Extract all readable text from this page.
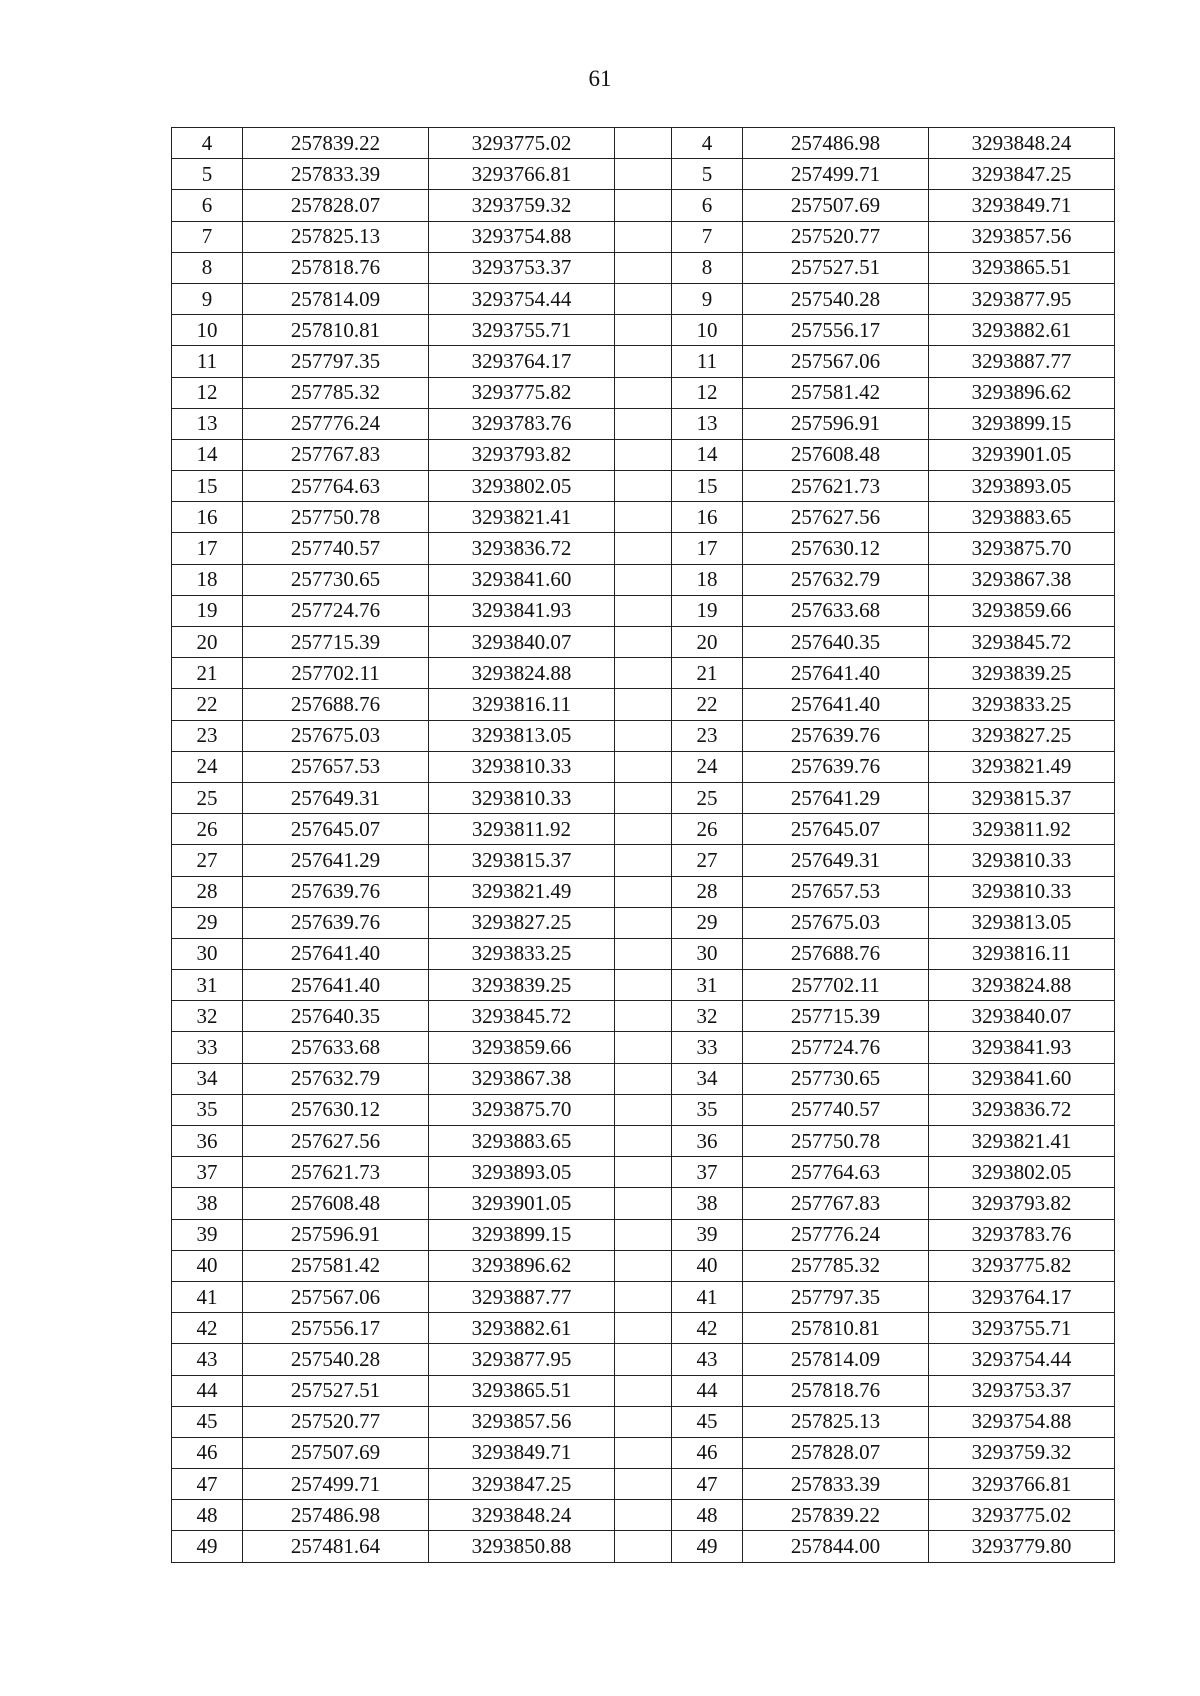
61
4	257839.22	3293775.02		4	257486.98	3293848.24
5	257833.39	3293766.81		5	257499.71	3293847.25
6	257828.07	3293759.32		6	257507.69	3293849.71
7	257825.13	3293754.88		7	257520.77	3293857.56
8	257818.76	3293753.37		8	257527.51	3293865.51
9	257814.09	3293754.44		9	257540.28	3293877.95
10	257810.81	3293755.71		10	257556.17	3293882.61
11	257797.35	3293764.17		11	257567.06	3293887.77
12	257785.32	3293775.82		12	257581.42	3293896.62
13	257776.24	3293783.76		13	257596.91	3293899.15
14	257767.83	3293793.82		14	257608.48	3293901.05
15	257764.63	3293802.05		15	257621.73	3293893.05
16	257750.78	3293821.41		16	257627.56	3293883.65
17	257740.57	3293836.72		17	257630.12	3293875.70
18	257730.65	3293841.60		18	257632.79	3293867.38
19	257724.76	3293841.93		19	257633.68	3293859.66
20	257715.39	3293840.07		20	257640.35	3293845.72
21	257702.11	3293824.88		21	257641.40	3293839.25
22	257688.76	3293816.11		22	257641.40	3293833.25
23	257675.03	3293813.05		23	257639.76	3293827.25
24	257657.53	3293810.33		24	257639.76	3293821.49
25	257649.31	3293810.33		25	257641.29	3293815.37
26	257645.07	3293811.92		26	257645.07	3293811.92
27	257641.29	3293815.37		27	257649.31	3293810.33
28	257639.76	3293821.49		28	257657.53	3293810.33
29	257639.76	3293827.25		29	257675.03	3293813.05
30	257641.40	3293833.25		30	257688.76	3293816.11
31	257641.40	3293839.25		31	257702.11	3293824.88
32	257640.35	3293845.72		32	257715.39	3293840.07
33	257633.68	3293859.66		33	257724.76	3293841.93
34	257632.79	3293867.38		34	257730.65	3293841.60
35	257630.12	3293875.70		35	257740.57	3293836.72
36	257627.56	3293883.65		36	257750.78	3293821.41
37	257621.73	3293893.05		37	257764.63	3293802.05
38	257608.48	3293901.05		38	257767.83	3293793.82
39	257596.91	3293899.15		39	257776.24	3293783.76
40	257581.42	3293896.62		40	257785.32	3293775.82
41	257567.06	3293887.77		41	257797.35	3293764.17
42	257556.17	3293882.61		42	257810.81	3293755.71
43	257540.28	3293877.95		43	257814.09	3293754.44
44	257527.51	3293865.51		44	257818.76	3293753.37
45	257520.77	3293857.56		45	257825.13	3293754.88
46	257507.69	3293849.71		46	257828.07	3293759.32
47	257499.71	3293847.25		47	257833.39	3293766.81
48	257486.98	3293848.24		48	257839.22	3293775.02
49	257481.64	3293850.88		49	257844.00	3293779.80
